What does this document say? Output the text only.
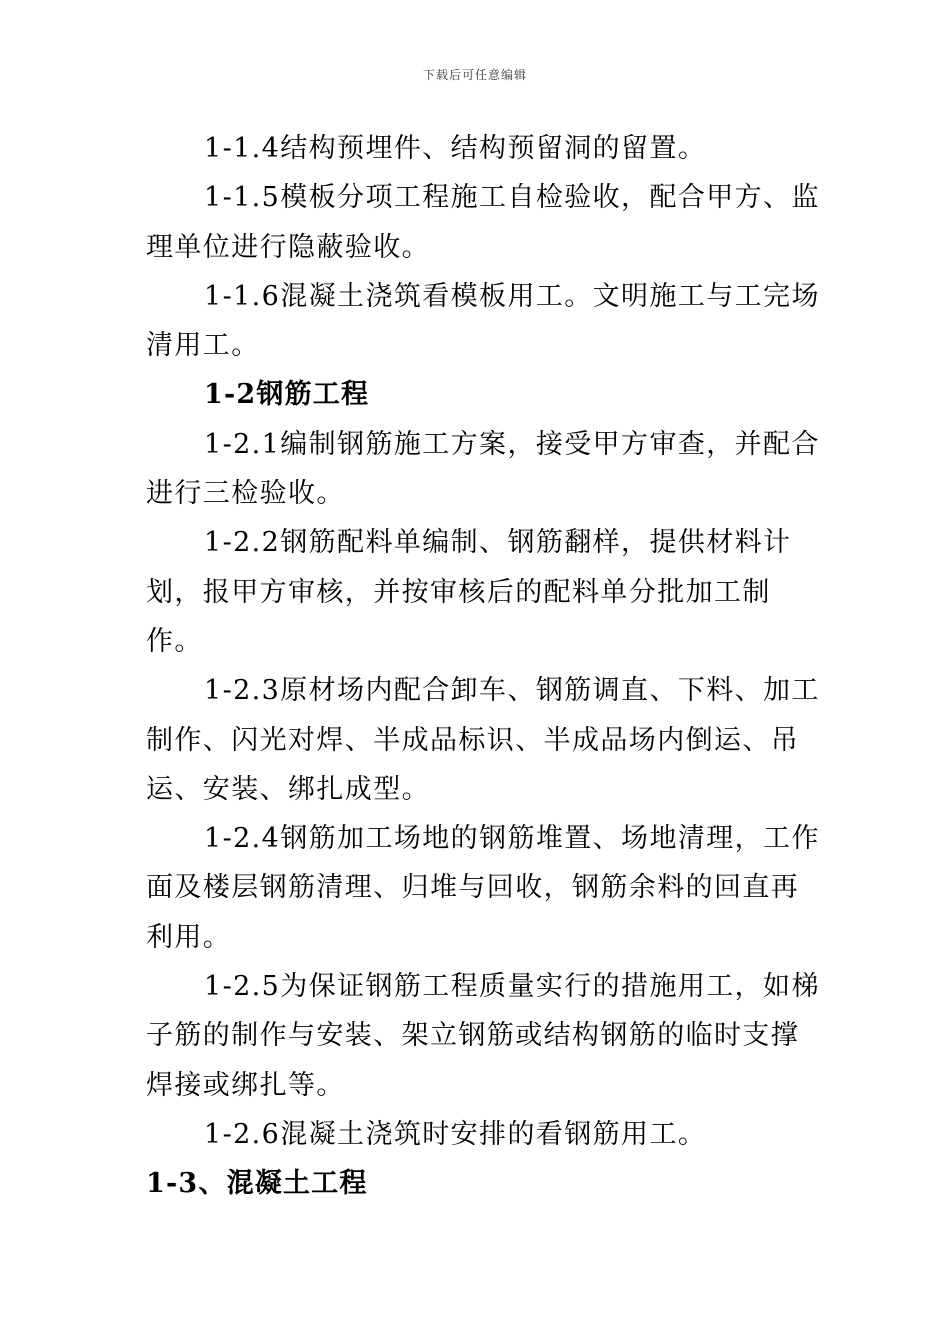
下载后可任意编辑

1-1.4结构预埋件、结构预留洞的留置。

1-1.5模板分项工程施工自检验收，配合甲方、监理单位进行隐蔽验收。

1-1.6混凝土浇筑看模板用工。文明施工与工完场清用工。

1-2钢筋工程

1-2.1编制钢筋施工方案，接受甲方审查，并配合进行三检验收。

1-2.2钢筋配料单编制、钢筋翻样，提供材料计划，报甲方审核，并按审核后的配料单分批加工制作。

1-2.3原材场内配合卸车、钢筋调直、下料、加工制作、闪光对焊、半成品标识、半成品场内倒运、吊运、安装、绑扎成型。

1-2.4钢筋加工场地的钢筋堆置、场地清理，工作面及楼层钢筋清理、归堆与回收，钢筋余料的回直再利用。

1-2.5为保证钢筋工程质量实行的措施用工，如梯子筋的制作与安装、架立钢筋或结构钢筋的临时支撑焊接或绑扎等。

1-2.6混凝土浇筑时安排的看钢筋用工。

1-3、混凝土工程
